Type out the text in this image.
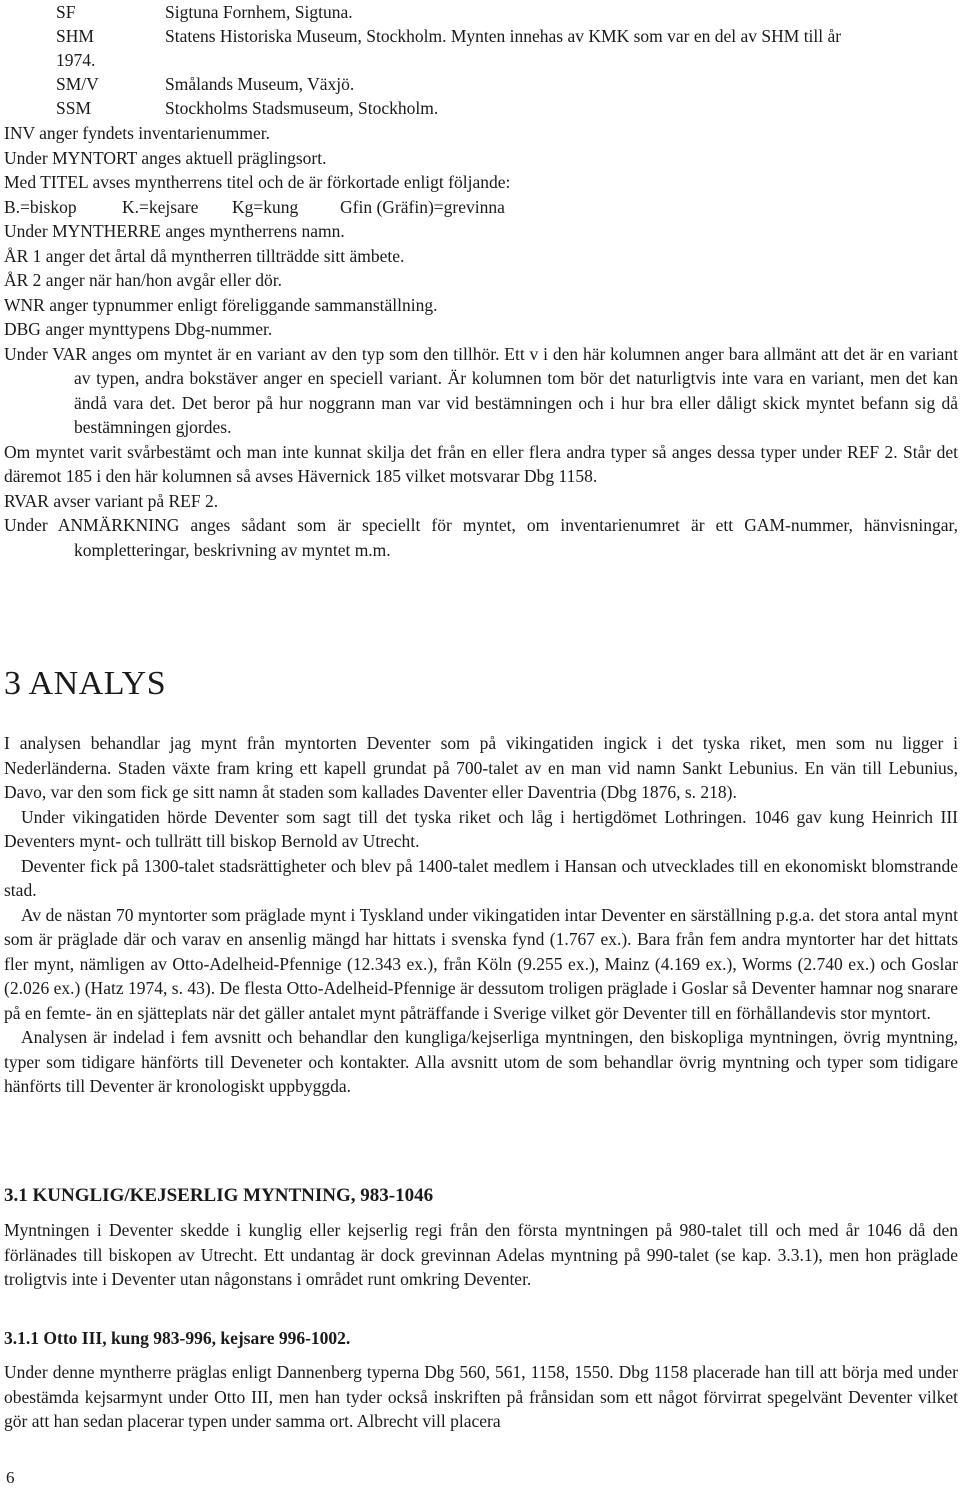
SF	Sigtuna Fornhem, Sigtuna.
SHM	Statens Historiska Museum, Stockholm. Mynten innehas av KMK som var en del av SHM till år
1974.
SM/V	Smålands Museum, Växjö.
SSM	Stockholms Stadsmuseum, Stockholm.

INV anger fyndets inventarienummer.

Under MYNTORT anges aktuell präglingsort.

Med TITEL avses myntherrens titel och de är förkortade enligt följande:

B.=biskop	K.=kejsare Kg=kung Gfin (Gräfin)=grevinna

Under MYNTHERRE anges myntherrens namn.

ÅR 1 anger det årtal då myntherren tillträdde sitt ämbete.

ÅR 2 anger när han/hon avgår eller dör.

WNR anger typnummer enligt föreliggande sammanställning.

DBG anger mynttypens Dbg-nummer.

Under VAR anges om myntet är en variant av den typ som den tillhör. Ett v i den här kolumnen anger bara allmänt att det är en variant av typen, andra bokstäver anger en speciell variant. Är kolumnen tom bör det naturligtvis inte vara en variant, men det kan ändå vara det. Det beror på hur noggrann man var vid bestämningen och i hur bra eller dåligt skick myntet befann sig då bestämningen gjordes.

Om myntet varit svårbestämt och man inte kunnat skilja det från en eller flera andra typer så anges dessa typer under REF 2. Står det däremot 185 i den här kolumnen så avses Hävernick 185 vilket motsvarar Dbg 1158.

RVAR avser variant på REF 2.

Under ANMÄRKNING anges sådant som är speciellt för myntet, om inventarienumret är ett GAM-nummer, hänvisningar, kompletteringar, beskrivning av myntet m.m.

3 ANALYS

I analysen behandlar jag mynt från myntorten Deventer som på vikingatiden ingick i det tyska riket, men som nu ligger i Nederländerna. Staden växte fram kring ett kapell grundat på 700-talet av en man vid namn Sankt Lebunius. En vän till Lebunius, Davo, var den som fick ge sitt namn åt staden som kallades Daventer eller Daventria (Dbg 1876, s. 218).

Under vikingatiden hörde Deventer som sagt till det tyska riket och låg i hertigdömet Lothringen. 1046 gav kung Heinrich III Deventers mynt- och tullrätt till biskop Bernold av Utrecht.

Deventer fick på 1300-talet stadsrättigheter och blev på 1400-talet medlem i Hansan och utvecklades till en ekonomiskt blomstrande stad.

Av de nästan 70 myntorter som präglade mynt i Tyskland under vikingatiden intar Deventer en särställning p.g.a. det stora antal mynt som är präglade där och varav en ansenlig mängd har hittats i svenska fynd (1.767 ex.). Bara från fem andra myntorter har det hittats fler mynt, nämligen av Otto-Adelheid-Pfennige (12.343 ex.), från Köln (9.255 ex.), Mainz (4.169 ex.), Worms (2.740 ex.) och Goslar (2.026 ex.) (Hatz 1974, s. 43). De flesta Otto-Adelheid-Pfennige är dessutom troligen präglade i Goslar så Deventer hamnar nog snarare på en femte- än en sjätteplats när det gäller antalet mynt påträffande i Sverige vilket gör Deventer till en förhållandevis stor myntort.

Analysen är indelad i fem avsnitt och behandlar den kungliga/kejserliga myntningen, den biskopliga myntningen, övrig myntning, typer som tidigare hänförts till Deveneter och kontakter. Alla avsnitt utom de som behandlar övrig myntning och typer som tidigare hänförts till Deventer är kronologiskt uppbyggda.

3.1 KUNGLIG/KEJSERLIG MYNTNING, 983-1046

Myntningen i Deventer skedde i kunglig eller kejserlig regi från den första myntningen på 980-talet till och med år 1046 då den förlänades till biskopen av Utrecht. Ett undantag är dock grevinnan Adelas myntning på 990-talet (se kap. 3.3.1), men hon präglade troligtvis inte i Deventer utan någonstans i området runt omkring Deventer.

3.1.1 Otto III, kung 983-996, kejsare 996-1002.

Under denne myntherre präglas enligt Dannenberg typerna Dbg 560, 561, 1158, 1550. Dbg 1158 placerade han till att börja med under obestämda kejsarmynt under Otto III, men han tyder också inskriften på frånsidan som ett något förvirrat spegelvänt Deventer vilket gör att han sedan placerar typen under samma ort. Albrecht vill placera

6
